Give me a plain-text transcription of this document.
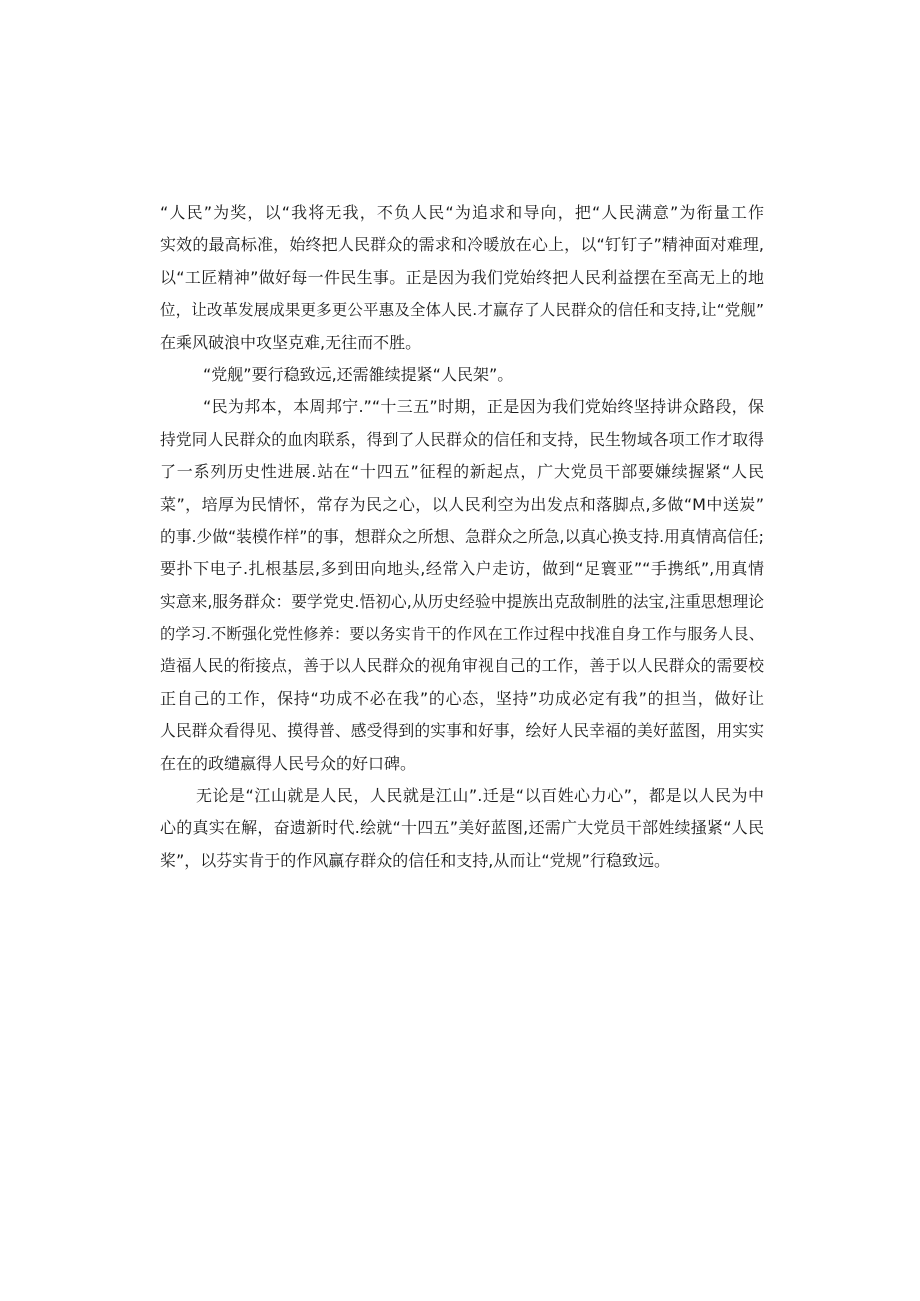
“人民”为奖，以“我将无我，不负人民“为追求和导向，把“人民满意”为衔量工作
实效的最高标准，始终把人民群众的需求和冷暖放在心上，以“钉钉子”精神面对难理,
以“工匠精神”做好每一件民生事。正是因为我们党始终把人民利益摆在至高无上的地
位，让改革发展成果更多更公平惠及全体人民.才赢存了人民群众的信任和支持,让“党舰”
在乘风破浪中攻坚克难,无往而不胜。
“党舰”要行稳致远,还需雒续提紧“人民架”。
“民为邦本，本周邦宁.”“十三五”时期，正是因为我们党始终坚持讲众路段，保
持党同人民群众的血肉联系，得到了人民群众的信任和支持，民生物域各项工作才取得
了一系列历史性进展.站在“十四五”征程的新起点，广大党员干部要嫌续握紧“人民
菜”，培厚为民情怀，常存为民之心，以人民利空为出发点和落脚点,多做“M中送炭”
的事.少做“装模作样”的事，想群众之所想、急群众之所急,以真心换支持.用真情高信任;
要扑下电子.扎根基层,多到田向地头,经常入户走访，做到“足寰亚”“手携纸”,用真情
实意来,服务群众：要学党史.悟初心,从历史经验中提族出克敌制胜的法宝,注重思想理论
的学习.不断强化党性修养：要以务实肯干的作风在工作过程中找准自身工作与服务人艮、
造福人民的衔接点，善于以人民群众的视角审视自己的工作，善于以人民群众的需要校
正自己的工作，保持“功成不必在我”的心态，坚持”功成必定有我”的担当，做好让
人民群众看得见、摸得普、感受得到的实事和好事，绘好人民幸福的美好蓝图，用实实
在在的政缱嬴得人民号众的好口碑。
无论是“江山就是人民，人民就是江山”.迁是“以百姓心力心”，都是以人民为中
心的真实在解，奋遗新时代.绘就“十四五”美好蓝图,还需广大党员干部姓续搔紧“人民
桨”，以芬实肯于的作风赢存群众的信任和支持,从而让“党规”行稳致远。
